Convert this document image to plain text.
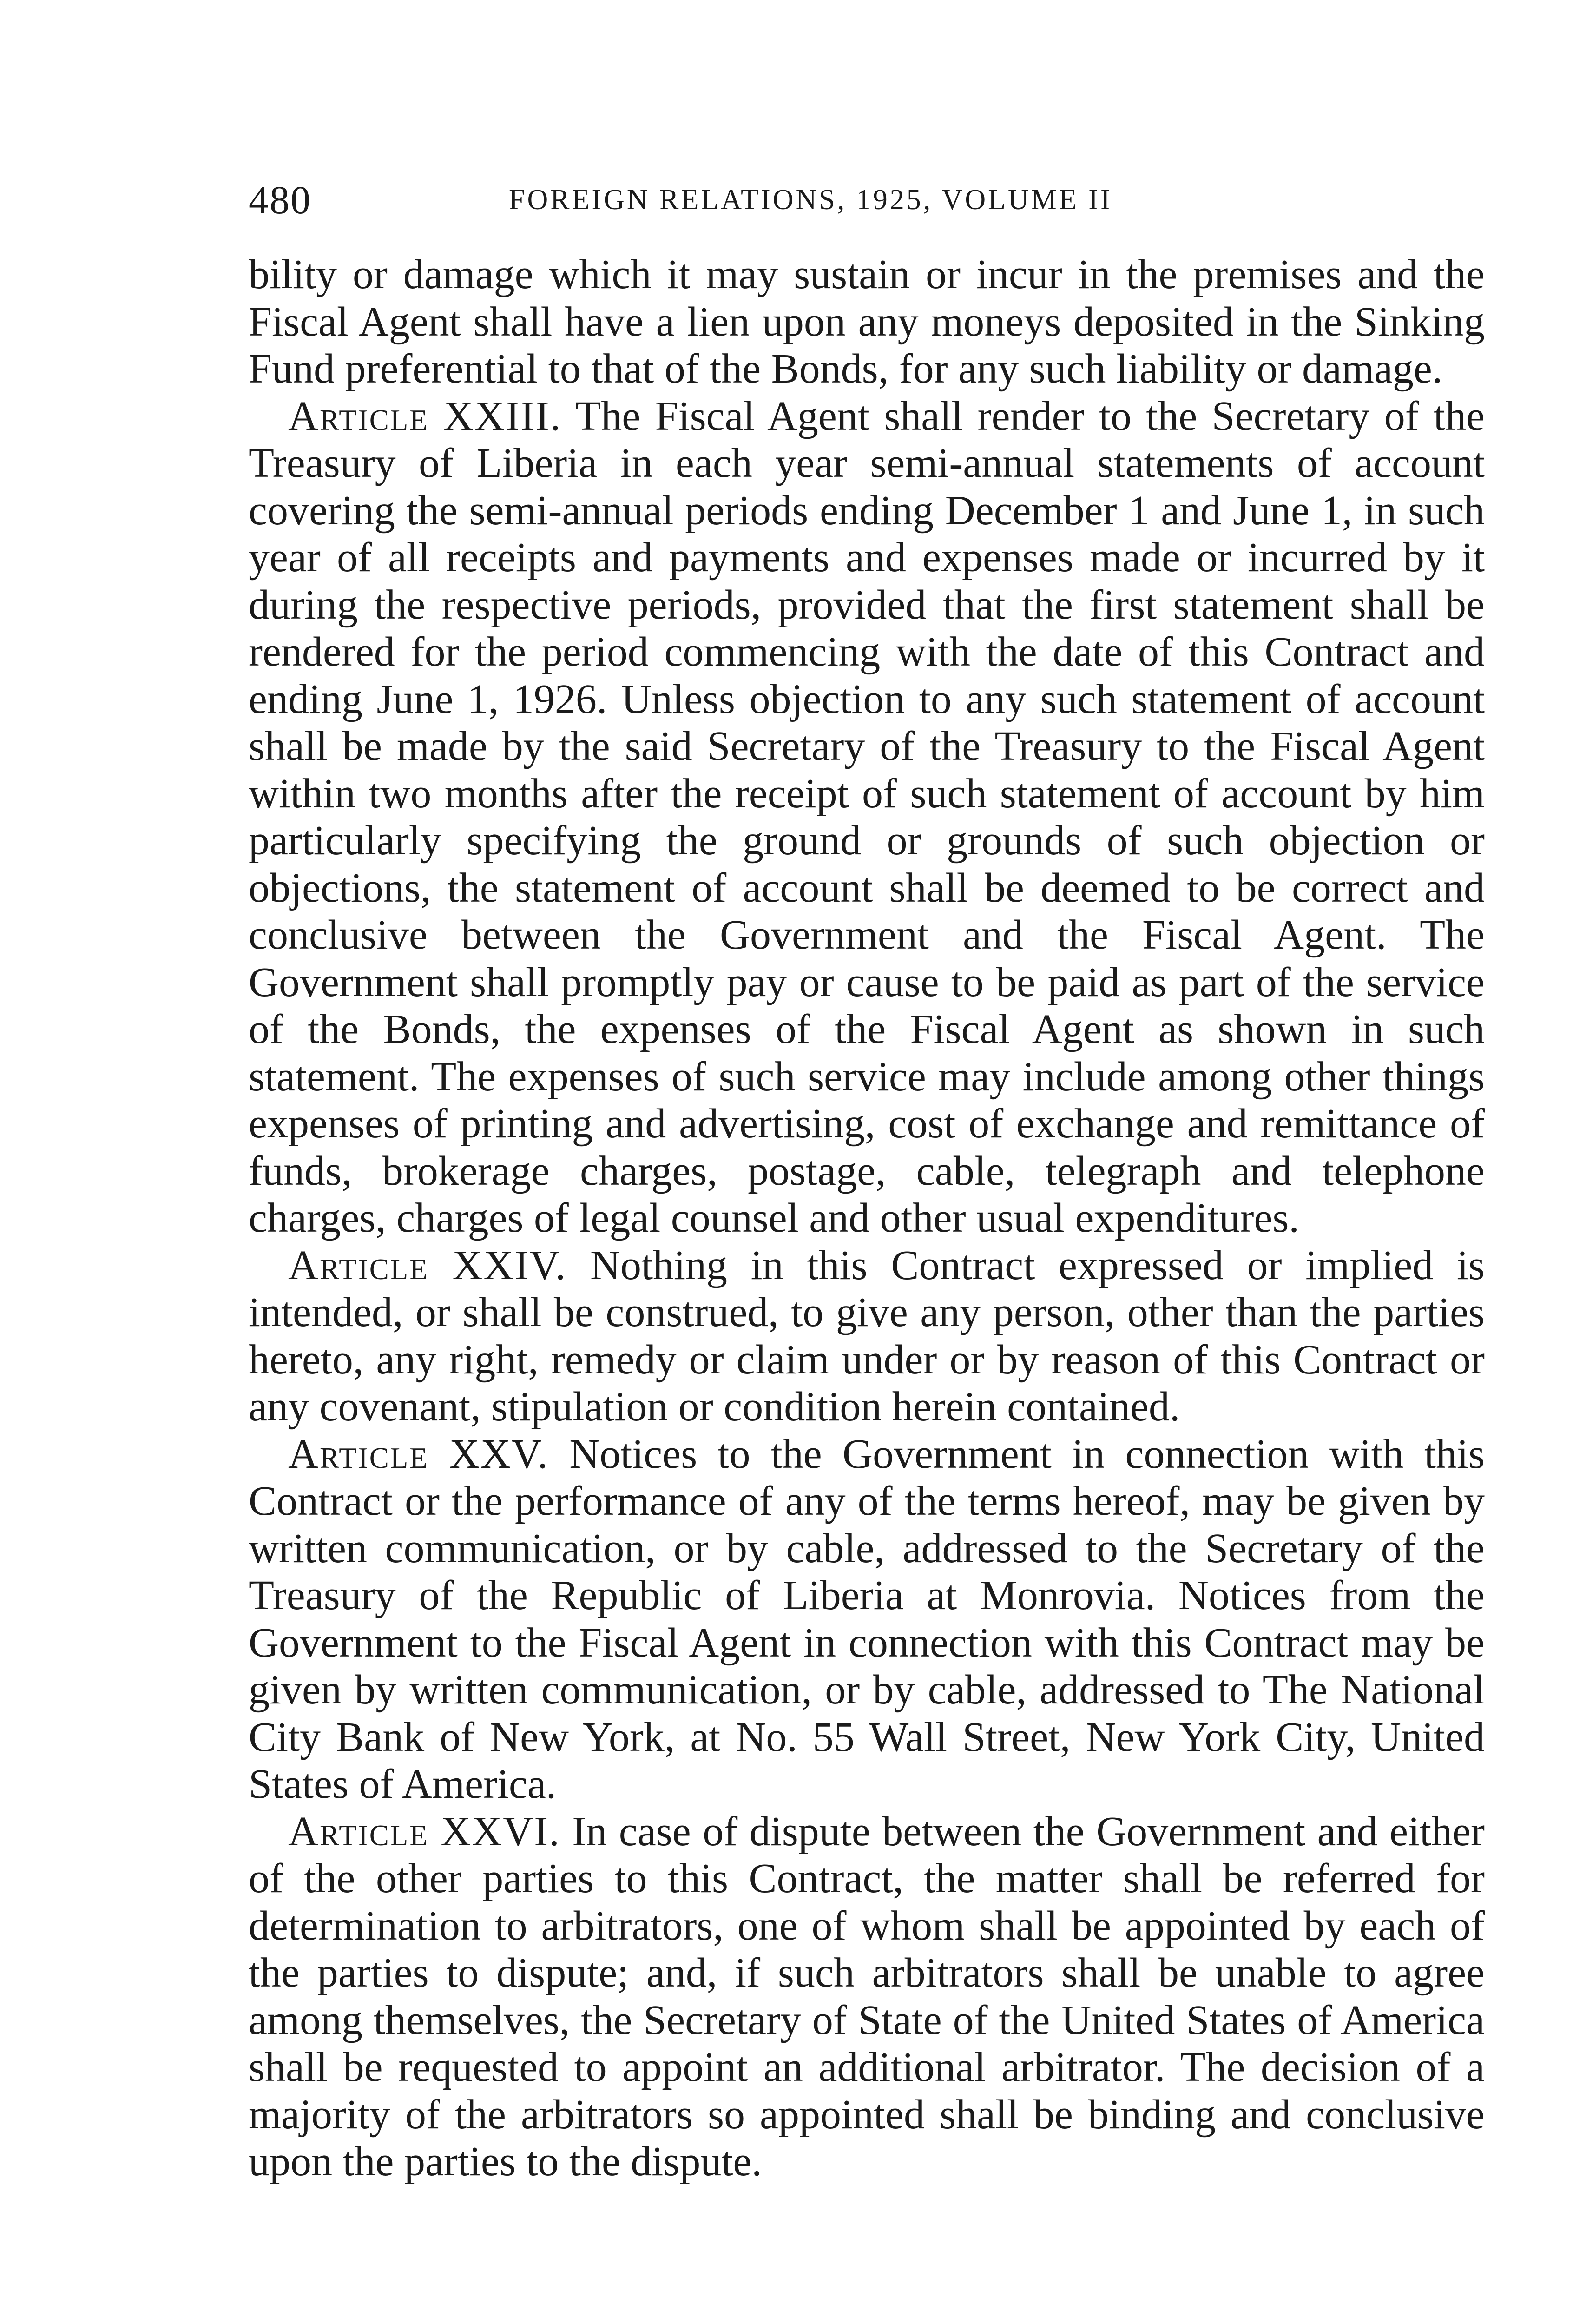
480	FOREIGN RELATIONS, 1925, VOLUME II

bility or damage which it may sustain or incur in the premises and the Fiscal Agent shall have a lien upon any moneys deposited in the Sinking Fund preferential to that of the Bonds, for any such liability or damage.

Article XXIII. The Fiscal Agent shall render to the Secretary of the Treasury of Liberia in each year semi-annual statements of account covering the semi-annual periods ending December 1 and June 1, in such year of all receipts and payments and expenses made or incurred by it during the respective periods, provided that the first statement shall be rendered for the period commencing with the date of this Contract and ending June 1, 1926. Unless objection to any such statement of account shall be made by the said Secretary of the Treasury to the Fiscal Agent within two months after the receipt of such statement of account by him particularly specifying the ground or grounds of such objection or objections, the statement of account shall be deemed to be correct and conclusive between the Government and the Fiscal Agent. The Government shall promptly pay or cause to be paid as part of the service of the Bonds, the expenses of the Fiscal Agent as shown in such statement. The expenses of such service may include among other things expenses of printing and advertising, cost of exchange and remittance of funds, brokerage charges, postage, cable, telegraph and telephone charges, charges of legal counsel and other usual expenditures.

Article XXIV. Nothing in this Contract expressed or implied is intended, or shall be construed, to give any person, other than the parties hereto, any right, remedy or claim under or by reason of this Contract or any covenant, stipulation or condition herein contained.

Article XXV. Notices to the Government in connection with this Contract or the performance of any of the terms hereof, may be given by written communication, or by cable, addressed to the Secretary of the Treasury of the Republic of Liberia at Monrovia. Notices from the Government to the Fiscal Agent in connection with this Contract may be given by written communication, or by cable, addressed to The National City Bank of New York, at No. 55 Wall Street, New York City, United States of America.

Article XXVI. In case of dispute between the Government and either of the other parties to this Contract, the matter shall be referred for determination to arbitrators, one of whom shall be appointed by each of the parties to dispute; and, if such arbitrators shall be unable to agree among themselves, the Secretary of State of the United States of America shall be requested to appoint an additional arbitrator. The decision of a majority of the arbitrators so appointed shall be binding and conclusive upon the parties to the dispute.
